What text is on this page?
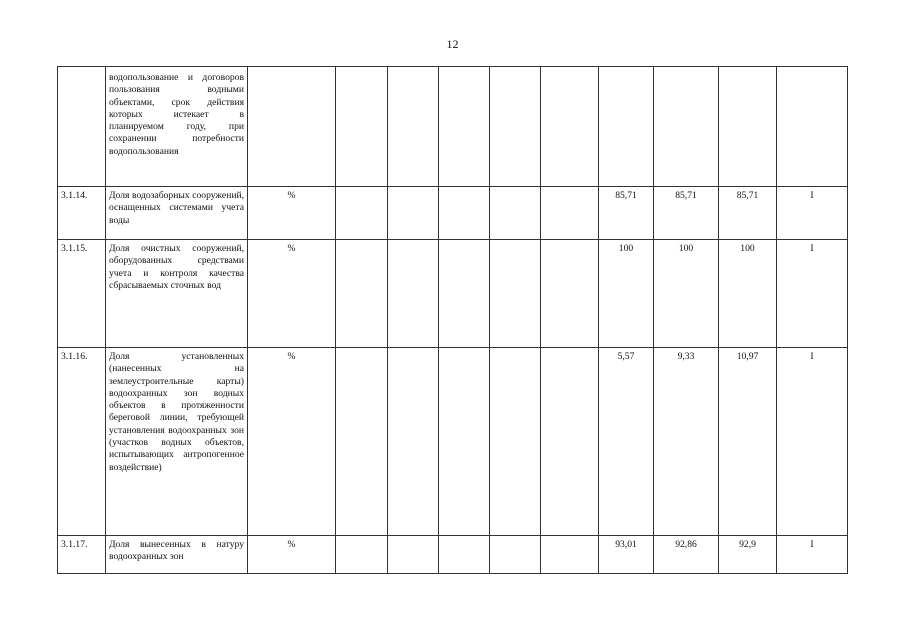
12
	водопользование и договоров пользования водными объектами, срок действия которых истекает в планируемом году, при сохранении потребности водопользования										
3.1.14.	Доля водозаборных сооружений, оснащенных системами учета воды	%						85,71	85,71	85,71	I
3.1.15.	Доля очистных сооружений, оборудованных средствами учета и контроля качества сбрасываемых сточных вод	%						100	100	100	I
3.1.16.	Доля установленных (нанесенных на землеустроительные карты) водоохранных зон водных объектов в протяженности береговой линии, требующей установления водоохранных зон (участков водных объектов, испытывающих антропогенное воздействие)	%						5,57	9,33	10,97	I
3.1.17.	Доля вынесенных в натуру водоохранных зон	%						93,01	92,86	92,9	I
